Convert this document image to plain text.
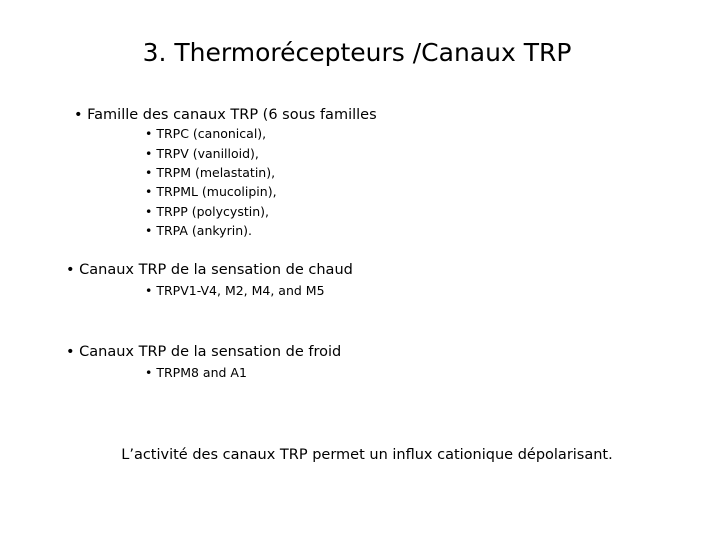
3. Thermorécepteurs /Canaux TRP
• Famille des canaux TRP (6 sous familles
• TRPC (canonical),
• TRPV (vanilloid),
• TRPM (melastatin),
• TRPML (mucolipin),
• TRPP (polycystin),
• TRPA (ankyrin).
• Canaux TRP de la sensation de chaud
• TRPV1-V4, M2, M4, and M5
• Canaux TRP de la sensation de froid
• TRPM8 and A1
L’activité des canaux TRP permet un influx cationique dépolarisant.
